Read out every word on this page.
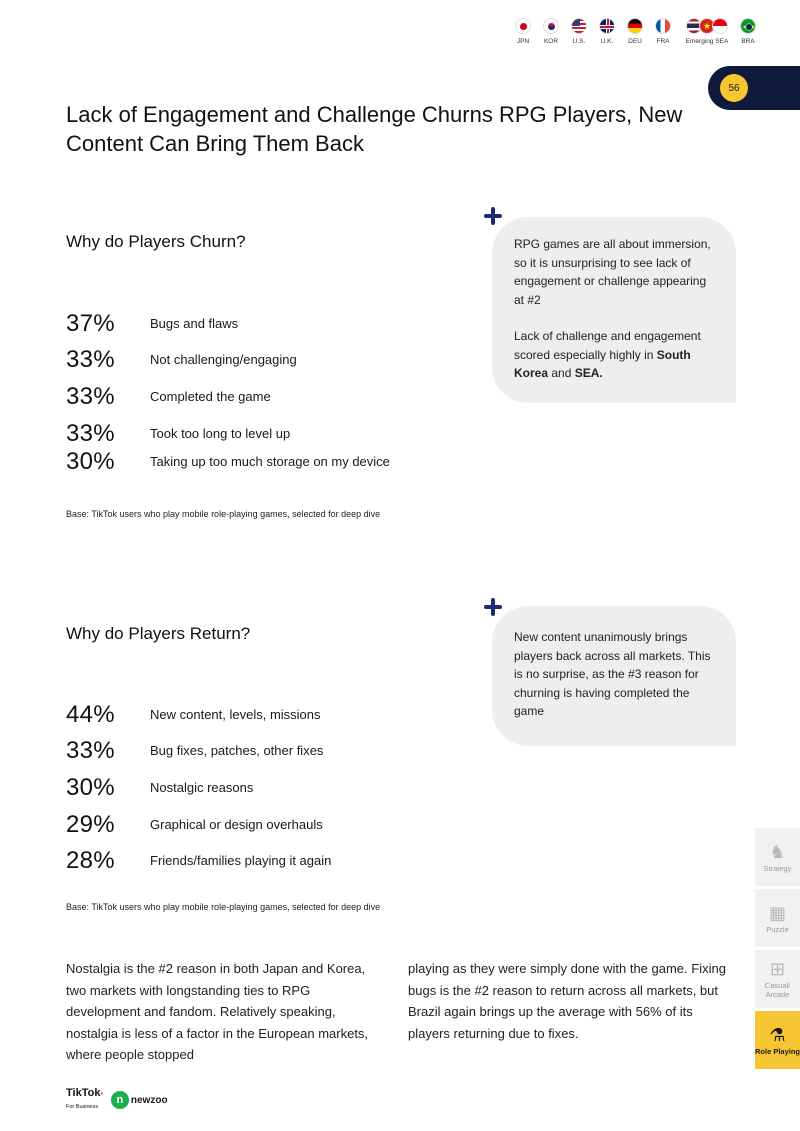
JPN KOR U.S. U.K. DEU FRA
★
Emerging SEA BRA
56
Lack of Engagement and Challenge Churns RPG Players, New Content Can Bring Them Back
Why do Players Churn?
37%	Bugs and flaws
33%	Not challenging/engaging
33%	Completed the game
33%	Took too long to level up
30%	Taking up too much storage on my device

Base: TikTok users who play mobile role-playing games, selected for deep dive

RPG games are all about immersion, so it is unsurprising to see lack of engagement or challenge appearing at #2

Lack of challenge and engagement scored especially highly in South Korea and SEA.

Why do Players Return?
44%	New content, levels, missions
33%	Bug fixes, patches, other fixes
30%	Nostalgic reasons
29%	Graphical or design overhauls
28%	Friends/families playing it again

Base: TikTok users who play mobile role-playing games, selected for deep dive

New content unanimously brings players back across all markets. This is no surprise, as the #3 reason for churning is having completed the game

Nostalgia is the #2 reason in both Japan and Korea, two markets with longstanding ties to RPG development and fandom. Relatively speaking, nostalgia is less of a factor in the European markets, where people stopped

playing as they were simply done with the game. Fixing bugs is the #2 reason to return across all markets, but Brazil again brings up the average with 56% of its players returning due to fixes.

♞
Strategy
▦
Puzzle
⊞
Casual/ Arcade
⚗
Role Playing
TikTok•
For Business
n newzoo
